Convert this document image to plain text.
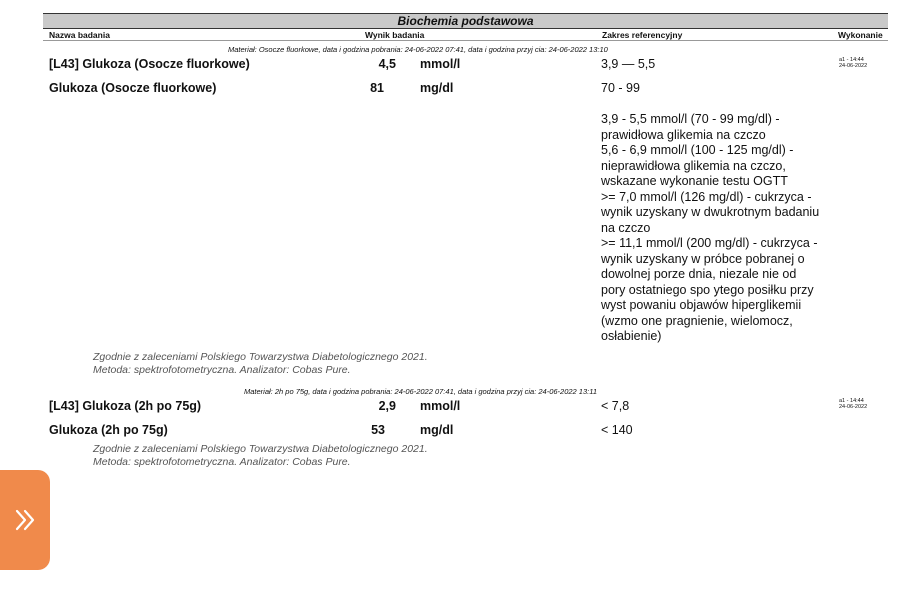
Biochemia podstawowa
Nazwa badania	Wynik badania	Zakres referencyjny	Wykonanie
Materiał: Osocze fluorkowe, data i godzina pobrania: 24-06-2022 07:41, data i godzina przyj cia: 24-06-2022 13:10
[L43] Glukoza (Osocze fluorkowe)	4,5 mmol/l	3,9 — 5,5	a1 - 14:44
24-06-2022
Glukoza (Osocze fluorkowe)	81	mg/dl	70 - 99
3,9 - 5,5 mmol/l (70 - 99 mg/dl) -
prawidłowa glikemia na czczo
5,6 - 6,9 mmol/l (100 - 125 mg/dl) -
nieprawidłowa glikemia na czczo,
wskazane wykonanie testu OGTT
>= 7,0 mmol/l (126 mg/dl) - cukrzyca -
wynik uzyskany w dwukrotnym badaniu
na czczo
>= 11,1 mmol/l (200 mg/dl) - cukrzyca -
wynik uzyskany w próbce pobranej o
dowolnej porze dnia, niezale nie od
pory ostatniego spo ytego posiłku przy
wyst powaniu objawów hiperglikemii
(wzmo one pragnienie, wielomocz,
osłabienie)
Zgodnie z zaleceniami Polskiego Towarzystwa Diabetologicznego 2021.
Metoda: spektrofotometryczna. Analizator: Cobas Pure.
Materiał: 2h po 75g, data i godzina pobrania: 24-06-2022 07:41, data i godzina przyj cia: 24-06-2022 13:11
[L43] Glukoza (2h po 75g)	2,9 mmol/l	< 7,8	a1 - 14:44
24-06-2022
Glukoza (2h po 75g)	53	mg/dl	< 140
Zgodnie z zaleceniami Polskiego Towarzystwa Diabetologicznego 2021.
Metoda: spektrofotometryczna. Analizator: Cobas Pure.
